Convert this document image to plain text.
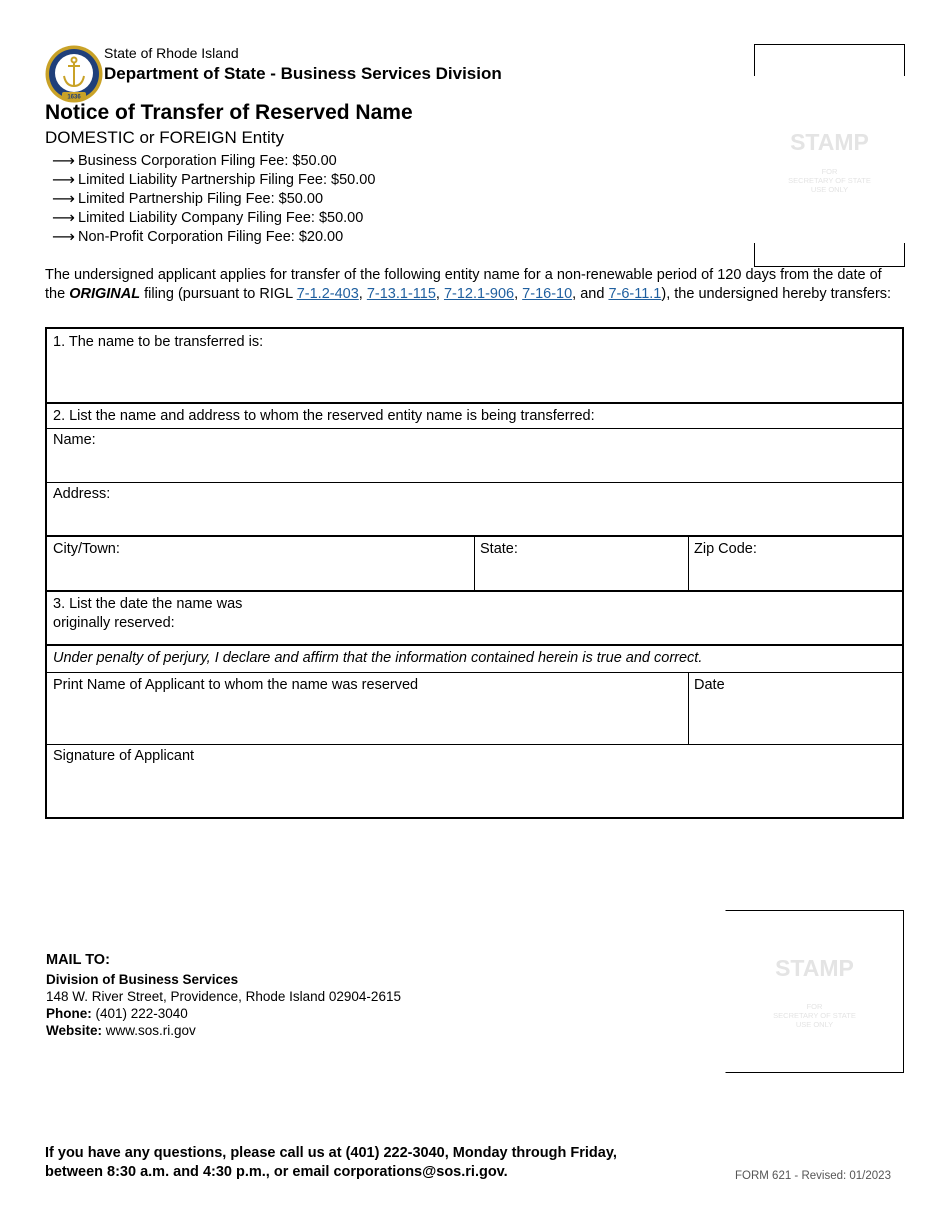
1636
State of Rhode Island
Department of State - Business Services Division
Notice of Transfer of Reserved Name
DOMESTIC or FOREIGN Entity
⟶ Business Corporation Filing Fee: $50.00
⟶ Limited Liability Partnership Filing Fee: $50.00
⟶ Limited Partnership Filing Fee: $50.00
⟶ Limited Liability Company Filing Fee: $50.00
⟶ Non-Profit Corporation Filing Fee: $20.00
STAMP
FOR
SECRETARY OF STATE
USE ONLY
The undersigned applicant applies for transfer of the following entity name for a non-renewable period of 120 days from the date of the ORIGINAL filing (pursuant to RIGL 7-1.2-403, 7-13.1-115, 7-12.1-906, 7-16-10, and 7-6-11.1), the undersigned hereby transfers:
1. The name to be transferred is:
2. List the name and address to whom the reserved entity name is being transferred:
Name:
Address:
City/Town:	State:	Zip Code:
3. List the date the name was
originally reserved:
Under penalty of perjury, I declare and affirm that the information contained herein is true and correct.
Print Name of Applicant to whom the name was reserved	Date
Signature of Applicant
MAIL TO:
Division of Business Services
148 W. River Street, Providence, Rhode Island 02904-2615
Phone: (401) 222-3040
Website: www.sos.ri.gov
STAMP
FOR
SECRETARY OF STATE
USE ONLY
If you have any questions, please call us at (401) 222-3040, Monday through Friday,
between 8:30 a.m. and 4:30 p.m., or email corporations@sos.ri.gov.	FORM 621 - Revised: 01/2023
